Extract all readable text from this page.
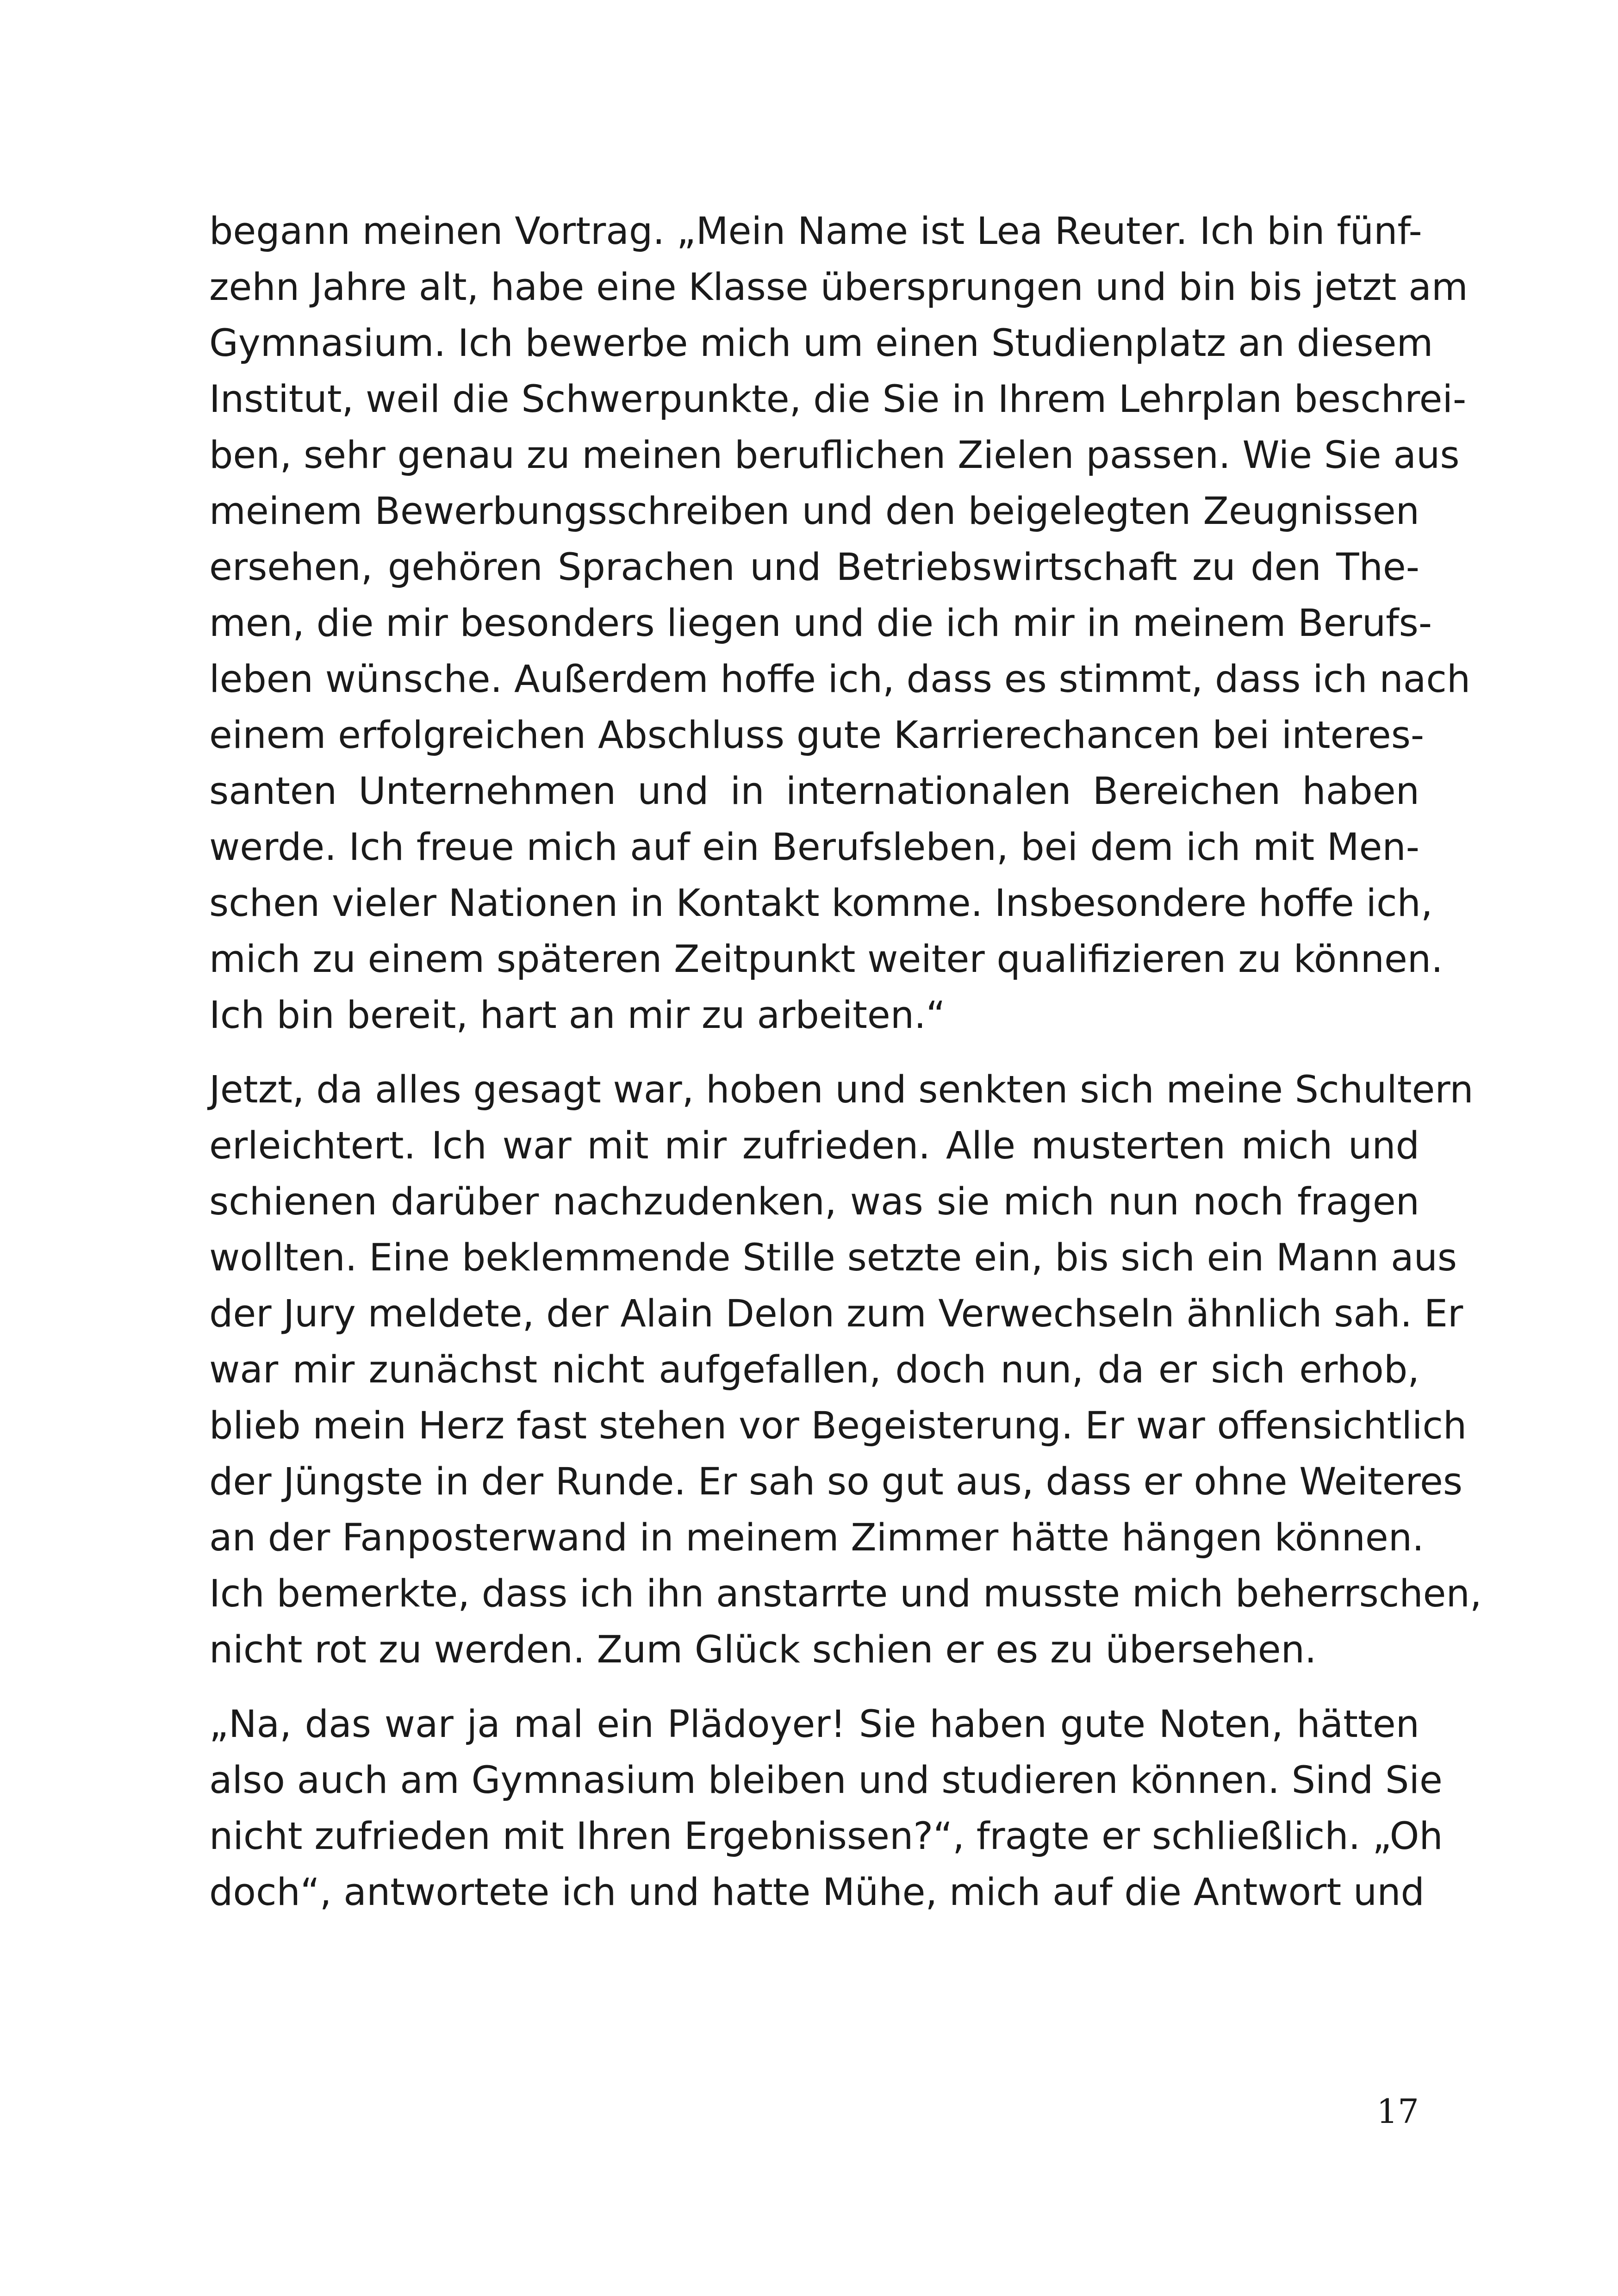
begann meinen Vortrag. „Mein Name ist Lea Reuter. Ich bin fünf-
zehn Jahre alt, habe eine Klasse übersprungen und bin bis jetzt am
Gymnasium. Ich bewerbe mich um einen Studienplatz an diesem
Institut, weil die Schwerpunkte, die Sie in Ihrem Lehrplan beschrei-
ben, sehr genau zu meinen beruflichen Zielen passen. Wie Sie aus
meinem Bewerbungsschreiben und den beigelegten Zeugnissen
ersehen, gehören Sprachen und Betriebswirtschaft zu den The-
men, die mir besonders liegen und die ich mir in meinem Berufs-
leben wünsche. Außerdem hoffe ich, dass es stimmt, dass ich nach
einem erfolgreichen Abschluss gute Karrierechancen bei interes-
santen Unternehmen und in internationalen Bereichen haben
werde. Ich freue mich auf ein Berufsleben, bei dem ich mit Men-
schen vieler Nationen in Kontakt komme. Insbesondere hoffe ich,
mich zu einem späteren Zeitpunkt weiter qualifizieren zu können.
Ich bin bereit, hart an mir zu arbeiten.“
Jetzt, da alles gesagt war, hoben und senkten sich meine Schultern
erleichtert. Ich war mit mir zufrieden. Alle musterten mich und
schienen darüber nachzudenken, was sie mich nun noch fragen
wollten. Eine beklemmende Stille setzte ein, bis sich ein Mann aus
der Jury meldete, der Alain Delon zum Verwechseln ähnlich sah. Er
war mir zunächst nicht aufgefallen, doch nun, da er sich erhob,
blieb mein Herz fast stehen vor Begeisterung. Er war offensichtlich
der Jüngste in der Runde. Er sah so gut aus, dass er ohne Weiteres
an der Fanposterwand in meinem Zimmer hätte hängen können.
Ich bemerkte, dass ich ihn anstarrte und musste mich beherrschen,
nicht rot zu werden. Zum Glück schien er es zu übersehen.
„Na, das war ja mal ein Plädoyer! Sie haben gute Noten, hätten
also auch am Gymnasium bleiben und studieren können. Sind Sie
nicht zufrieden mit Ihren Ergebnissen?“, fragte er schließlich. „Oh
doch“, antwortete ich und hatte Mühe, mich auf die Antwort und
17
